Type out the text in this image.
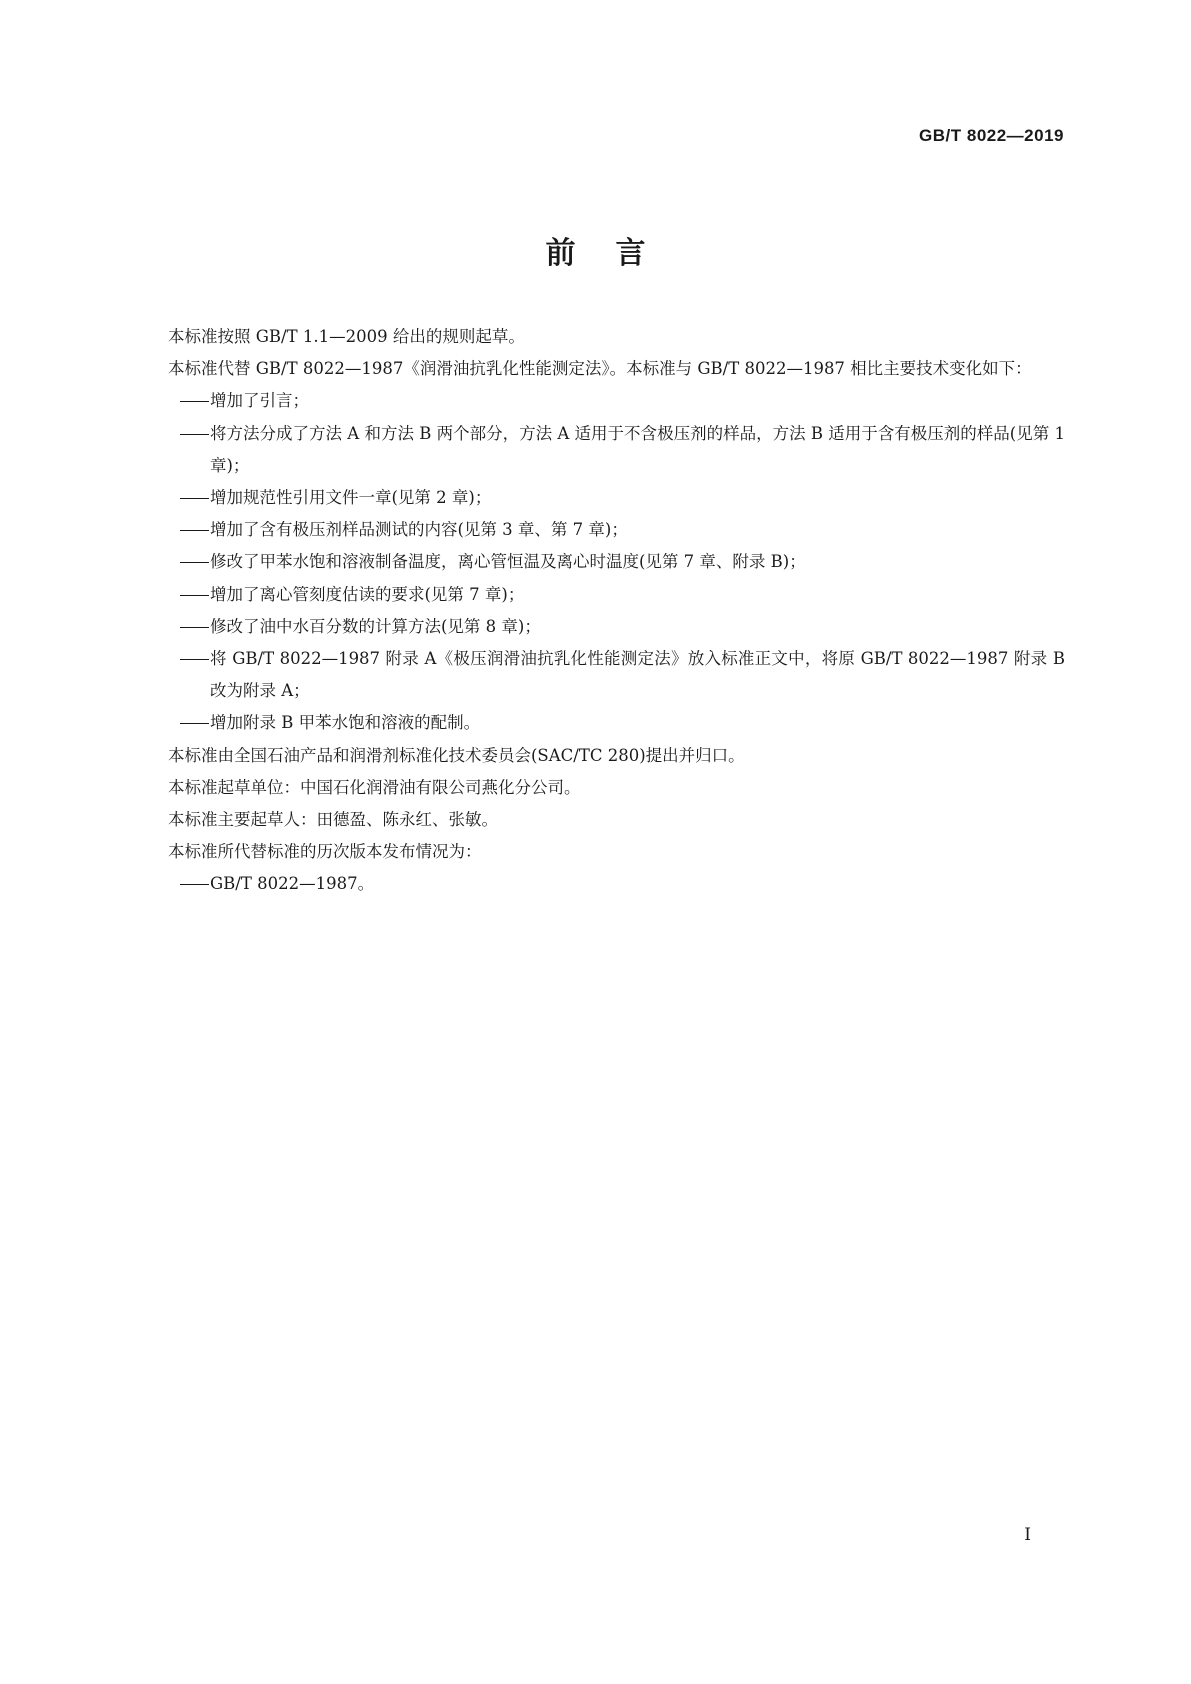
GB/T 8022—2019
前言

本标准按照 GB/T 1.1—2009 给出的规则起草。

本标准代替 GB/T 8022—1987《润滑油抗乳化性能测定法》。本标准与 GB/T 8022—1987 相比主要技术变化如下：

增加了引言；

将方法分成了方法 A 和方法 B 两个部分，方法 A 适用于不含极压剂的样品，方法 B 适用于含有极压剂的样品(见第 1 章)；

增加规范性引用文件一章(见第 2 章)；

增加了含有极压剂样品测试的内容(见第 3 章、第 7 章)；

修改了甲苯水饱和溶液制备温度，离心管恒温及离心时温度(见第 7 章、附录 B)；

增加了离心管刻度估读的要求(见第 7 章)；

修改了油中水百分数的计算方法(见第 8 章)；

将 GB/T 8022—1987 附录 A《极压润滑油抗乳化性能测定法》放入标准正文中，将原 GB/T 8022—1987 附录 B 改为附录 A；

增加附录 B 甲苯水饱和溶液的配制。

本标准由全国石油产品和润滑剂标准化技术委员会(SAC/TC 280)提出并归口。

本标准起草单位：中国石化润滑油有限公司燕化分公司。

本标准主要起草人：田德盈、陈永红、张敏。

本标准所代替标准的历次版本发布情况为：

GB/T 8022—1987。

I
